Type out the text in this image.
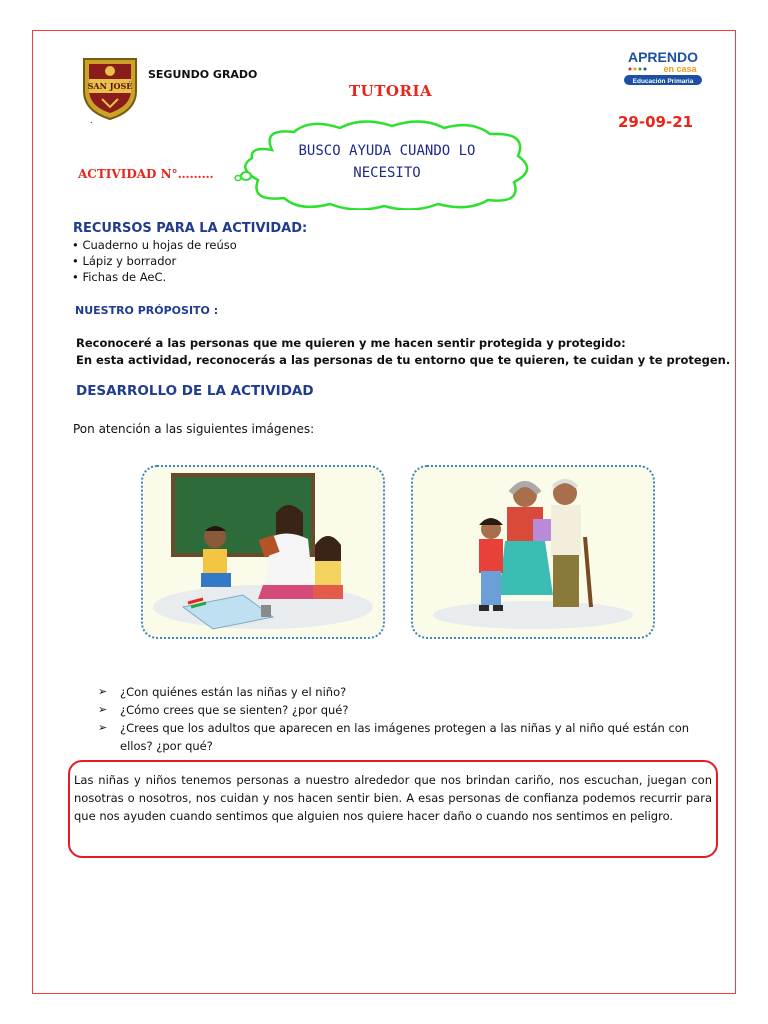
SAN JOSÉ
SEGUNDO GRADO
.
TUTORIA
29-09-21
APRENDO
en casa
Educación Primaria
ACTIVIDAD N°………
BUSCO AYUDA CUANDO LO NECESITO
RECURSOS PARA LA ACTIVIDAD:
• Cuaderno u hojas de reúso
• Lápiz y borrador
• Fichas de AeC.
NUESTRO PRÓPOSITO :
Reconoceré a las personas que me quieren y me hacen sentir protegida y protegido:
En esta actividad, reconocerás a las personas de tu entorno que te quieren, te cuidan y te protegen.
DESARROLLO DE LA ACTIVIDAD
Pon atención a las siguientes imágenes:
➢ ¿Con quiénes están las niñas y el niño?
➢ ¿Cómo crees que se sienten? ¿por qué?
➢ ¿Crees que los adultos que aparecen en las imágenes protegen a las niñas y al niño qué están con ellos? ¿por qué?
Las niñas y niños tenemos personas a nuestro alrededor que nos brindan cariño, nos escuchan, juegan con nosotras o nosotros, nos cuidan y nos hacen sentir bien. A esas personas de confianza podemos recurrir para que nos ayuden cuando sentimos que alguien nos quiere hacer daño o cuando nos sentimos en peligro.
